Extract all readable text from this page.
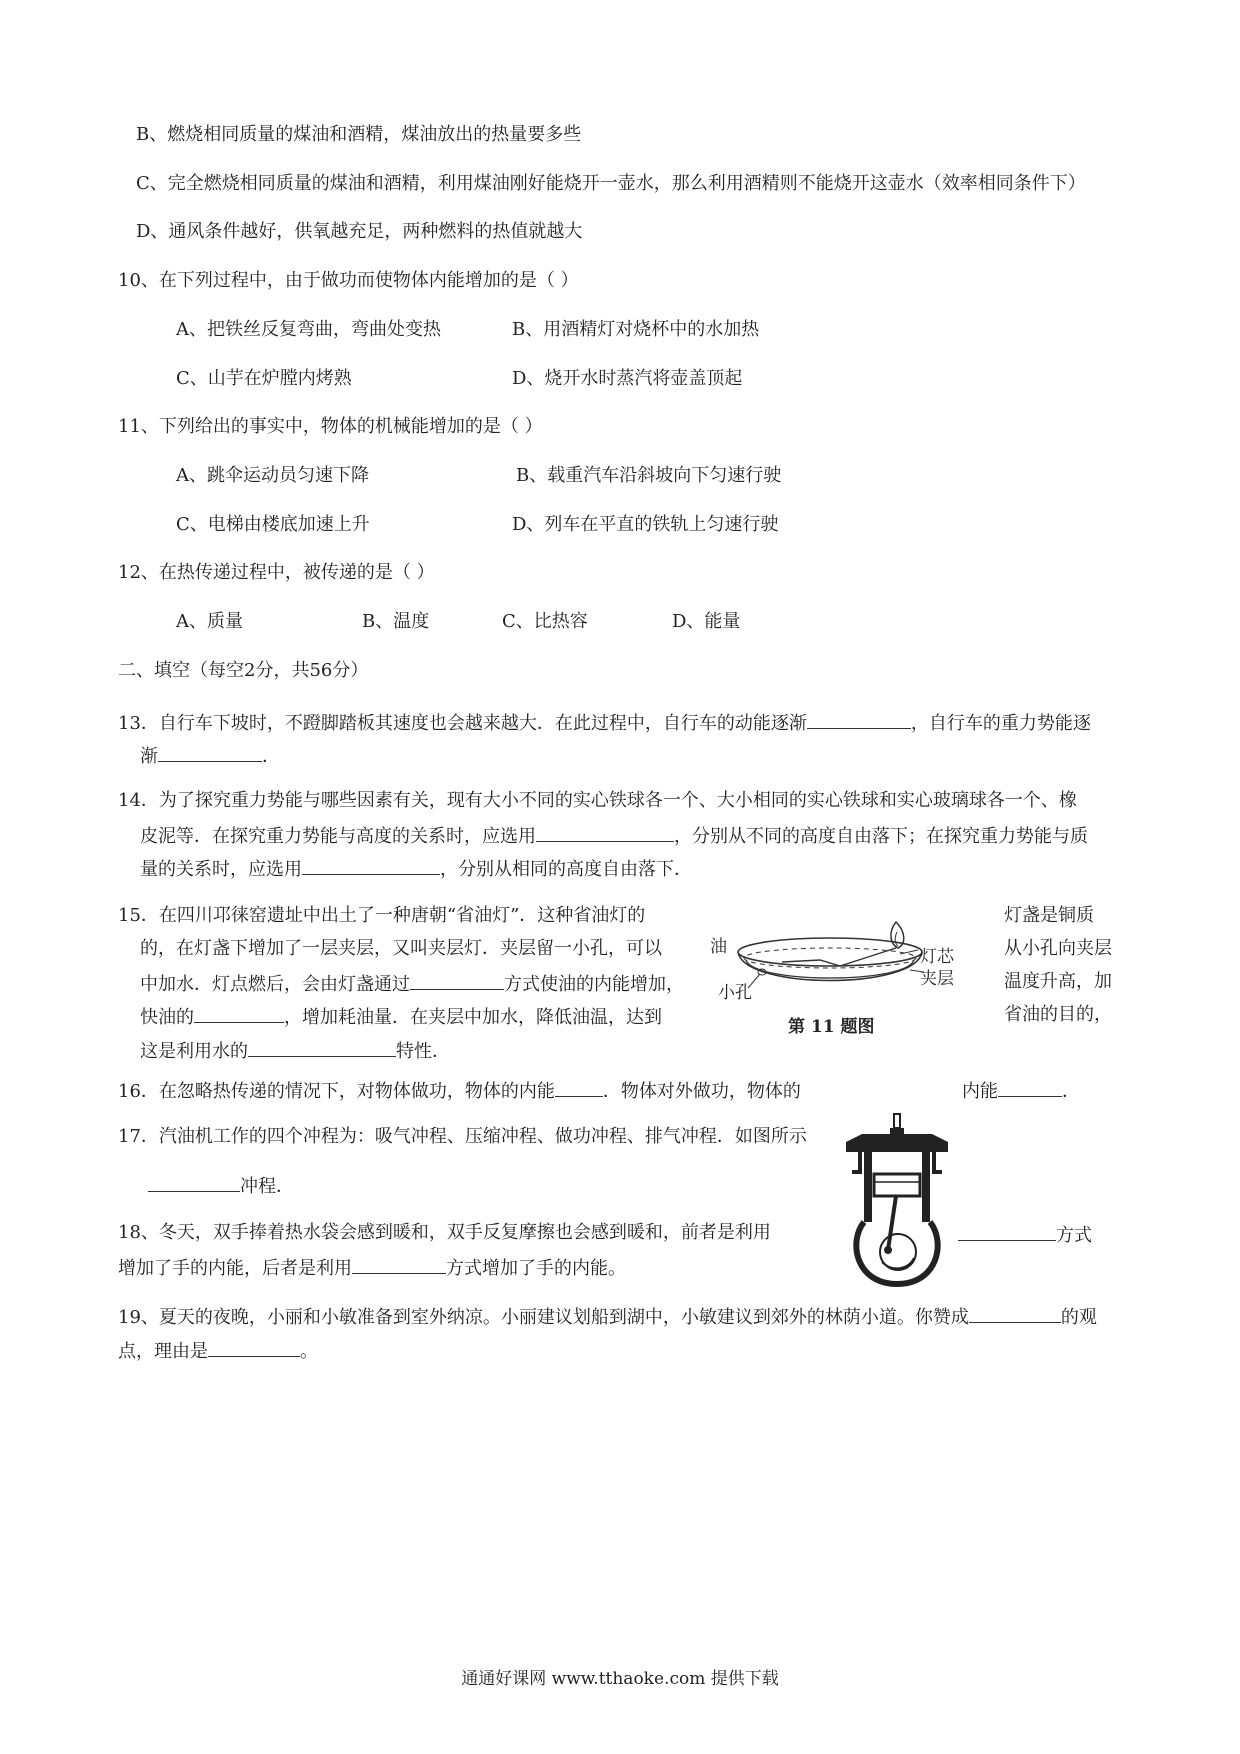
B、燃烧相同质量的煤油和酒精，煤油放出的热量要多些
C、完全燃烧相同质量的煤油和酒精，利用煤油刚好能烧开一壶水，那么利用酒精则不能烧开这壶水（效率相同条件下）
D、通风条件越好，供氧越充足，两种燃料的热值就越大
10、在下列过程中，由于做功而使物体内能增加的是（ ）
A、把铁丝反复弯曲，弯曲处变热	B、用酒精灯对烧杯中的水加热
C、山芋在炉膛内烤熟	D、烧开水时蒸汽将壶盖顶起
11、下列给出的事实中，物体的机械能增加的是（ ）
A、跳伞运动员匀速下降	B、载重汽车沿斜坡向下匀速行驶
C、电梯由楼底加速上升	D、列车在平直的铁轨上匀速行驶
12、在热传递过程中，被传递的是（ ）
A、质量	B、温度	C、比热容	D、能量
二、填空（每空2分，共56分）
13．自行车下坡时，不蹬脚踏板其速度也会越来越大．在此过程中，自行车的动能逐渐	，自行车的重力势能逐
渐	．
14．为了探究重力势能与哪些因素有关，现有大小不同的实心铁球各一个、大小相同的实心铁球和实心玻璃球各一个、橡
皮泥等．在探究重力势能与高度的关系时，应选用	，分别从不同的高度自由落下；在探究重力势能与质
量的关系时，应选用	，分别从相同的高度自由落下．
15．在四川邛徕窑遗址中出土了一种唐朝“省油灯”．这种省油灯的	灯盏是铜质
的，在灯盏下增加了一层夹层，又叫夹层灯．夹层留一小孔，可以	从小孔向夹层
中加水．灯点燃后，会由灯盏通过	方式使油的内能增加，	温度升高，加
快油的	，增加耗油量．在夹层中加水，降低油温，达到	省油的目的，
这是利用水的	特性．
油	灯芯
夹层
小孔
第 11 题图
16．在忽略热传递的情况下，对物体做功，物体的内能	．物体对外做功，物体的	内能	．
17．汽油机工作的四个冲程为：吸气冲程、压缩冲程、做功冲程、排气冲程．如图所示
冲程．
18、冬天，双手捧着热水袋会感到暖和，双手反复摩擦也会感到暖和，前者是利用	方式
增加了手的内能，后者是利用	方式增加了手的内能。
19、夏天的夜晚，小丽和小敏准备到室外纳凉。小丽建议划船到湖中，小敏建议到郊外的林荫小道。你赞成	的观
点，理由是	。
通通好课网 www.tthaoke.com 提供下载
